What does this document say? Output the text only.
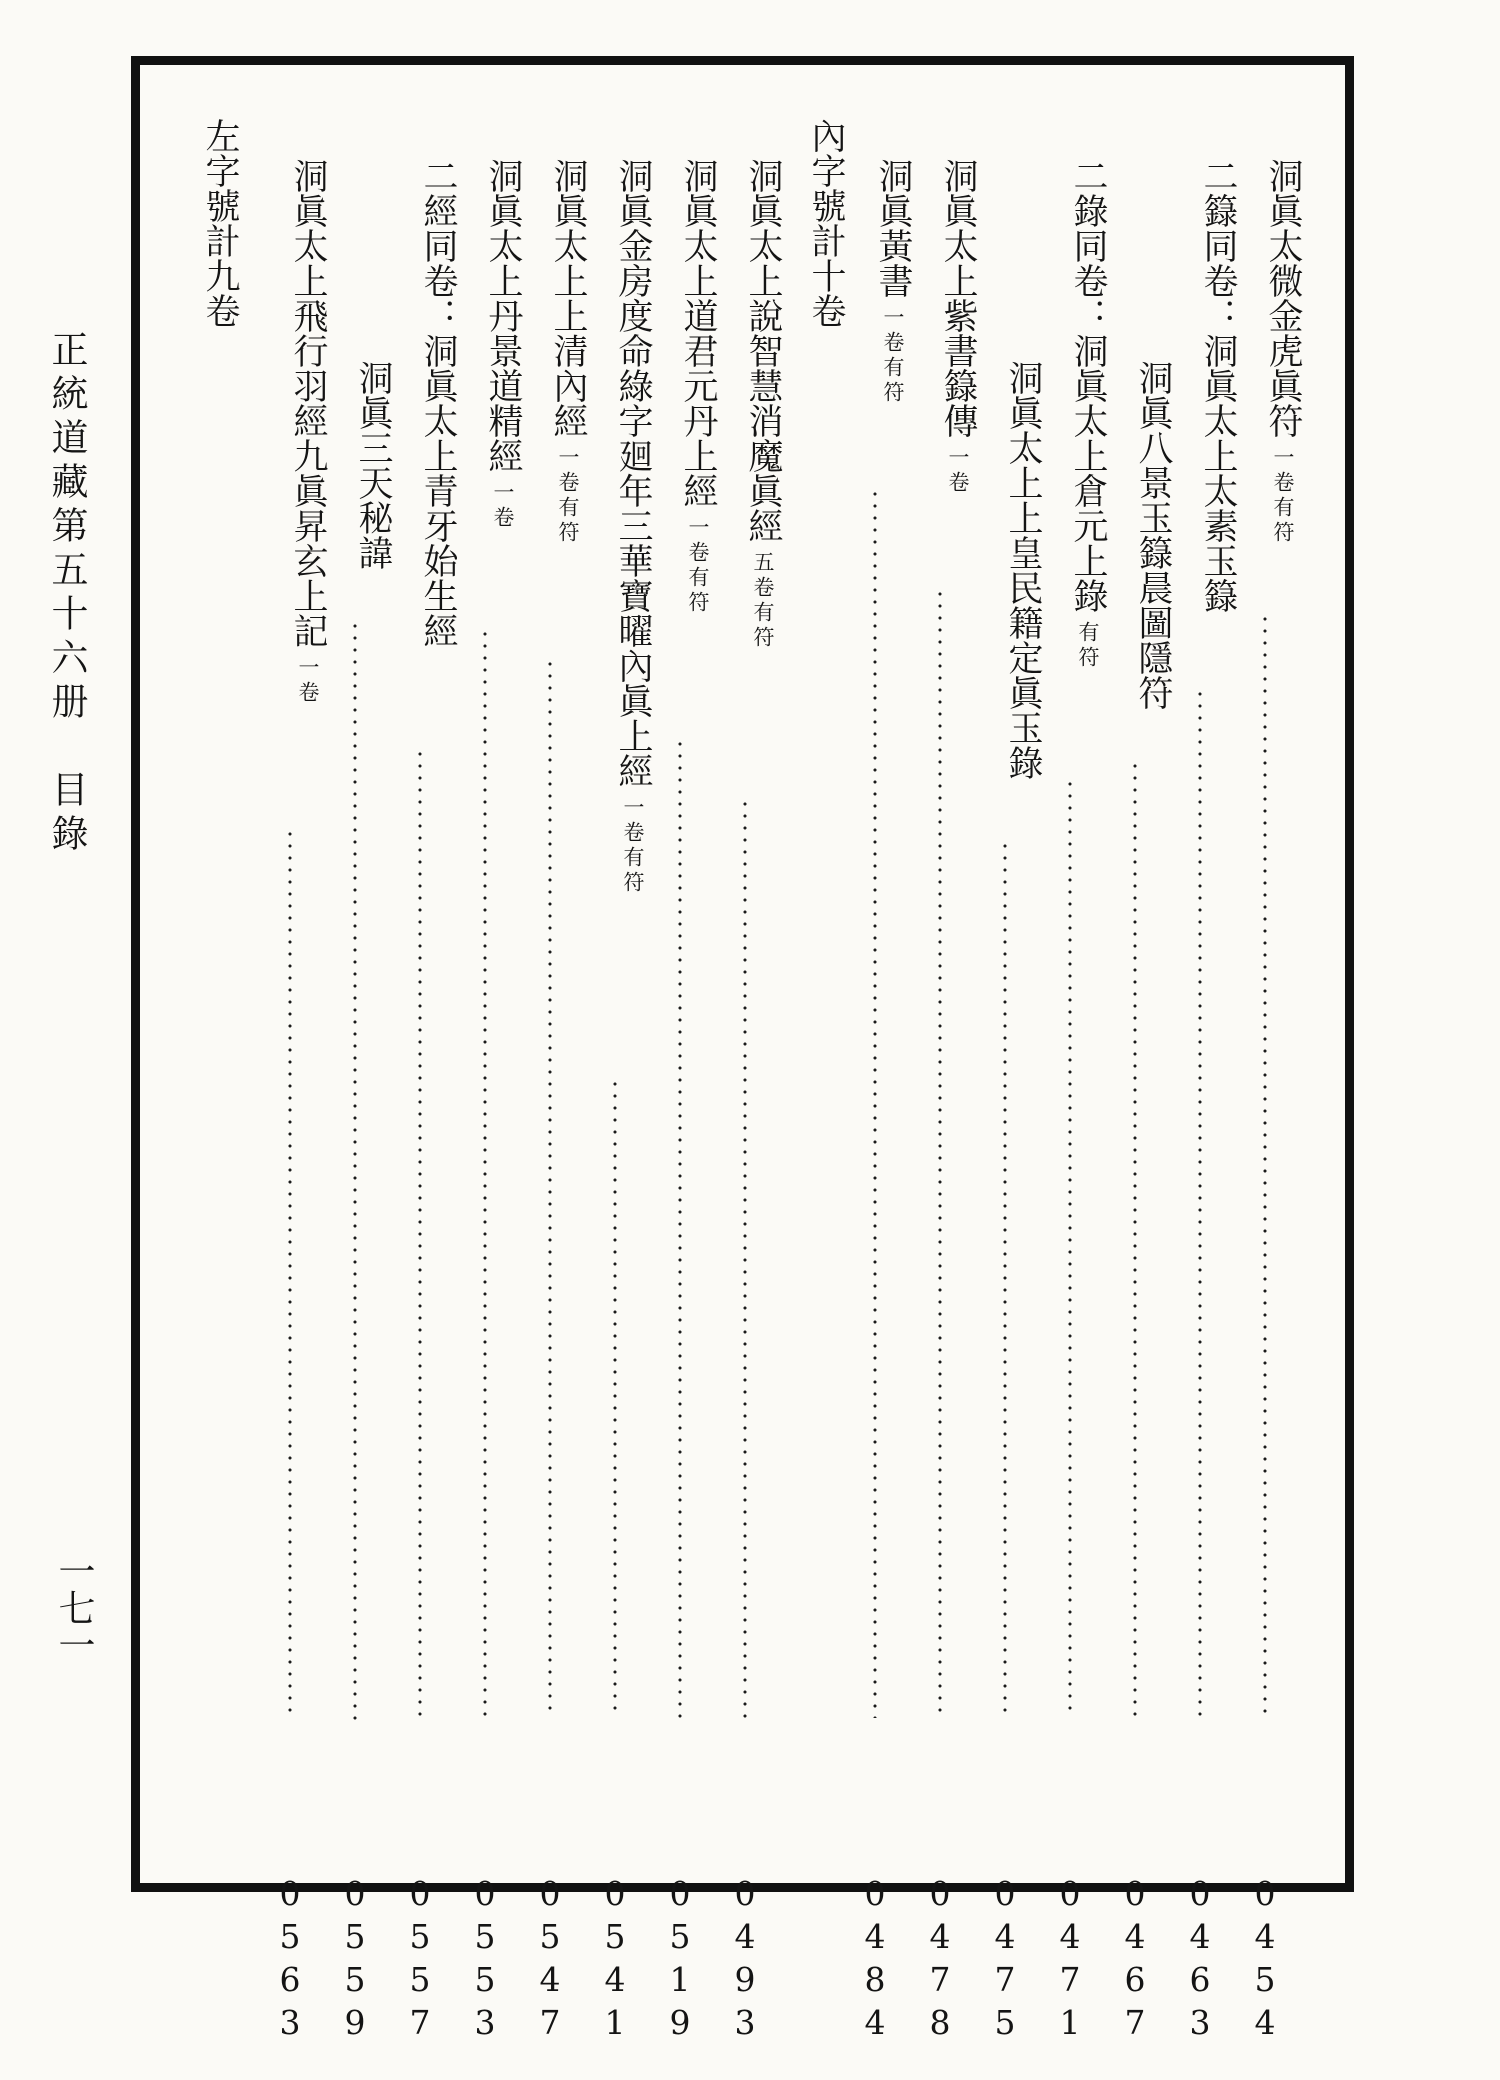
正統道藏第五十六册　目錄
一七一
洞眞太微金虎眞符一卷有符
0
4
5
4
二籙同卷：洞眞太上太素玉籙
0
4
6
3
洞眞八景玉籙晨圖隱符
0
4
6
7
二錄同卷：洞眞太上倉元上錄有符
0
4
7
1
洞眞太上上皇民籍定眞玉錄
0
4
7
5
洞眞太上紫書籙傳一卷
0
4
7
8
洞眞黃書一卷有符
0
4
8
4
內字號計十卷
洞眞太上說智慧消魔眞經五卷有符
0
4
9
3
洞眞太上道君元丹上經一卷有符
0
5
1
9
洞眞金房度命綠字廻年三華寶曜內眞上經一卷有符
0
5
4
1
洞眞太上上清內經一卷有符
0
5
4
7
洞眞太上丹景道精經一卷
0
5
5
3
二經同卷：洞眞太上青牙始生經
0
5
5
7
洞眞三天秘諱
0
5
5
9
洞眞太上飛行羽經九眞昇玄上記一卷
0
5
6
3
左字號計九卷
